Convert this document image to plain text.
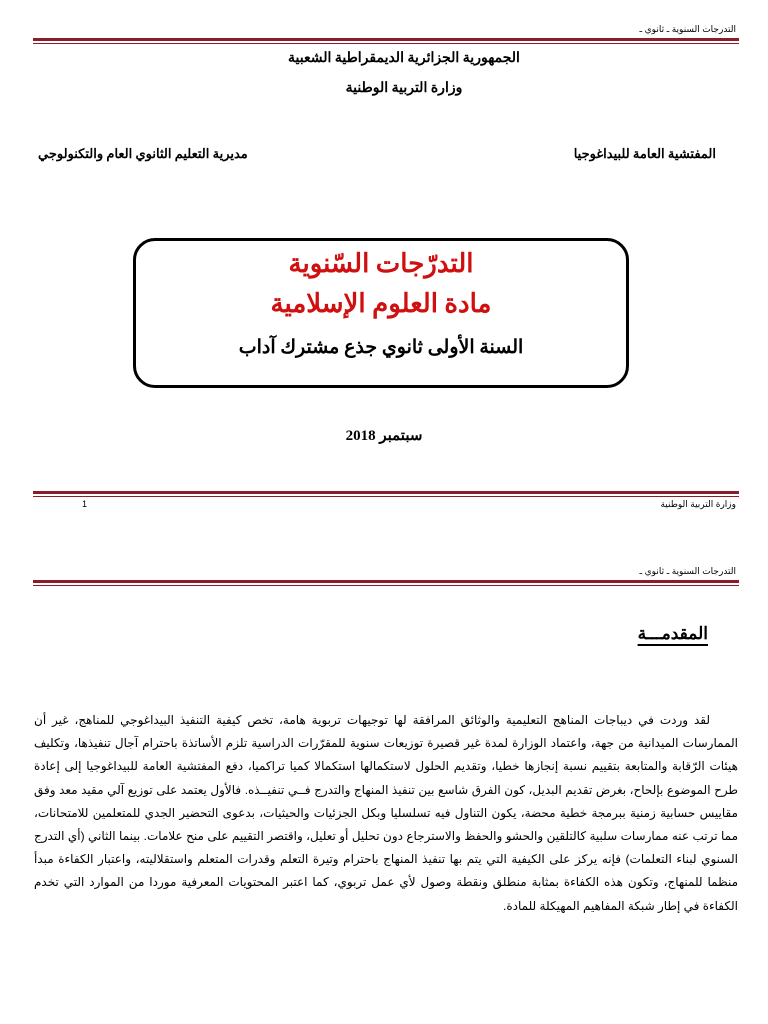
التدرجات السنوية ـ ثانوي ـ
الجمهورية الجزائرية الديمقراطية الشعبية
وزارة التربية الوطنية
المفتشية العامة للبيداغوجيا
مديرية التعليم الثانوي العام والتكنولوجي
التدرّجات السّنوية
مادة العلوم الإسلامية
السنة الأولى ثانوي جذع مشترك آداب
سبتمبر 2018
وزارة التربية الوطنية
1
التدرجات السنوية ـ ثانوي ـ
المقدمـــة

لقد وردت في ديباجات المناهج التعليمية والوثائق المرافقة لها توجيهات تربوية هامة، تخص كيفية التنفيذ البيداغوجي للمناهج، غير أن الممارسات الميدانية من جهة، واعتماد الوزارة لمدة غير قصيرة توزيعات سنوية للمقرّرات الدراسية تلزم الأساتذة باحترام آجال تنفيذها، وتكليف هيئات الرّقابة والمتابعة بتقييم نسبة إنجازها خطيا، وتقديم الحلول لاستكمالها استكمالا كميا تراكميا، دفع المفتشية العامة للبيداغوجيا إلى إعادة طرح الموضوع بإلحاح، بغرض تقديم البديل، كون الفرق شاسع بين تنفيذ المنهاج والتدرج فــي تنفيــذه. فالأول يعتمد على توزيع آلي مقيد معد وفق مقاييس حسابية زمنية ببرمجة خطية محضة، يكون التناول فيه تسلسليا وبكل الجزئيات والحيثيات، بدعوى التحضير الجدي للمتعلمين للامتحانات، مما ترتب عنه ممارسات سلبية كالتلقين والحشو والحفظ والاسترجاع دون تحليل أو تعليل، واقتصر التقييم على منح علامات. بينما الثاني (أي التدرج السنوي لبناء التعلمات) فإنه يركز على الكيفية التي يتم بها تنفيذ المنهاج باحترام وتيرة التعلم وقدرات المتعلم واستقلاليته، واعتبار الكفاءة مبدأ منظما للمنهاج، وتكون هذه الكفاءة بمثابة منطلق ونقطة وصول لأي عمل تربوي، كما اعتبر المحتويات المعرفية موردا من الموارد التي تخدم الكفاءة في إطار شبكة المفاهيم المهيكلة للمادة.
